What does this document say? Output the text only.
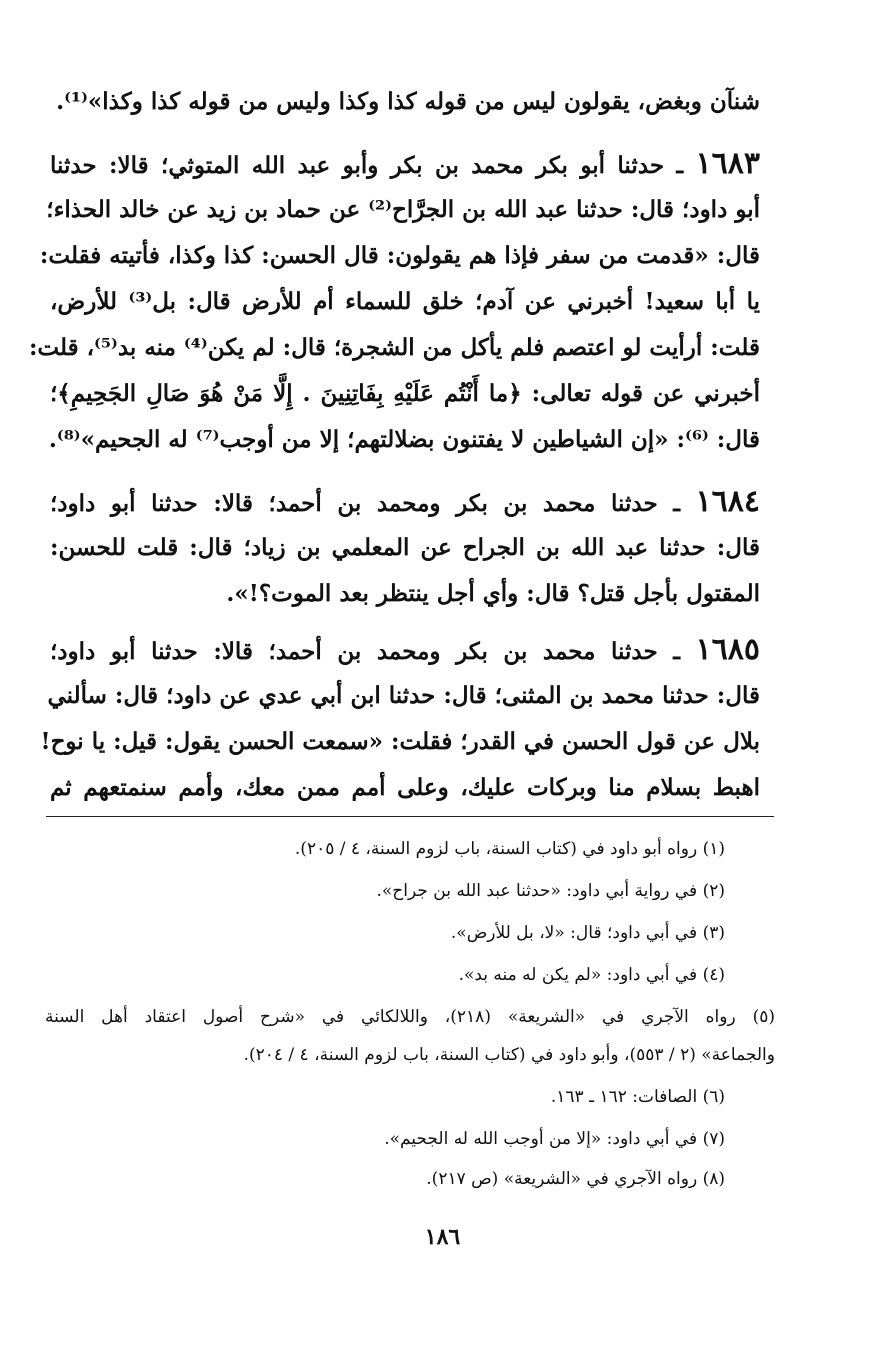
شنآن وبغض، يقولون ليس من قوله كذا وكذا وليس من قوله كذا وكذا»⁽¹⁾.
١٦٨٣ ـ حدثنا أبو بكر محمد بن بكر وأبو عبد الله المتوثي؛ قالا: حدثنا
أبو داود؛ قال: حدثنا عبد الله بن الجرَّاح⁽²⁾ عن حماد بن زيد عن خالد الحذاء؛
قال: «قدمت من سفر فإذا هم يقولون: قال الحسن: كذا وكذا، فأتيته فقلت:
يا أبا سعيد! أخبرني عن آدم؛ خلق للسماء أم للأرض قال: بل⁽³⁾ للأرض،
قلت: أرأيت لو اعتصم فلم يأكل من الشجرة؛ قال: لم يكن⁽⁴⁾ منه بد⁽⁵⁾، قلت:
أخبرني عن قوله تعالى: ﴿ما أَنْتُم عَلَيْهِ بِفَاتِنِينَ . إِلَّا مَنْ هُوَ صَالِ الجَحِيمِ﴾؛
قال: ⁽⁶⁾: «إن الشياطين لا يفتنون بضلالتهم؛ إلا من أوجب⁽⁷⁾ له الجحيم»⁽⁸⁾.
١٦٨٤ ـ حدثنا محمد بن بكر ومحمد بن أحمد؛ قالا: حدثنا أبو داود؛
قال: حدثنا عبد الله بن الجراح عن المعلمي بن زياد؛ قال: قلت للحسن:
المقتول بأجل قتل؟ قال: وأي أجل ينتظر بعد الموت؟!».
١٦٨٥ ـ حدثنا محمد بن بكر ومحمد بن أحمد؛ قالا: حدثنا أبو داود؛
قال: حدثنا محمد بن المثنى؛ قال: حدثنا ابن أبي عدي عن داود؛ قال: سألني
بلال عن قول الحسن في القدر؛ فقلت: «سمعت الحسن يقول: قيل: يا نوح!
اهبط بسلام منا وبركات عليك، وعلى أمم ممن معك، وأمم سنمتعهم ثم
(١) رواه أبو داود في (كتاب السنة، باب لزوم السنة، ٤ / ٢٠٥).
(٢) في رواية أبي داود: «حدثنا عبد الله بن جراح».
(٣) في أبي داود؛ قال: «لا، بل للأرض».
(٤) في أبي داود: «لم يكن له منه بد».
(٥) رواه الآجري في «الشريعة» (٢١٨)، واللالكائي في «شرح أصول اعتقاد أهل السنة
والجماعة» (٢ / ٥٥٣)، وأبو داود في (كتاب السنة، باب لزوم السنة، ٤ / ٢٠٤).
(٦) الصافات: ١٦٢ ـ ١٦٣.
(٧) في أبي داود: «إلا من أوجب الله له الجحيم».
(٨) رواه الآجري في «الشريعة» (ص ٢١٧).
١٨٦
